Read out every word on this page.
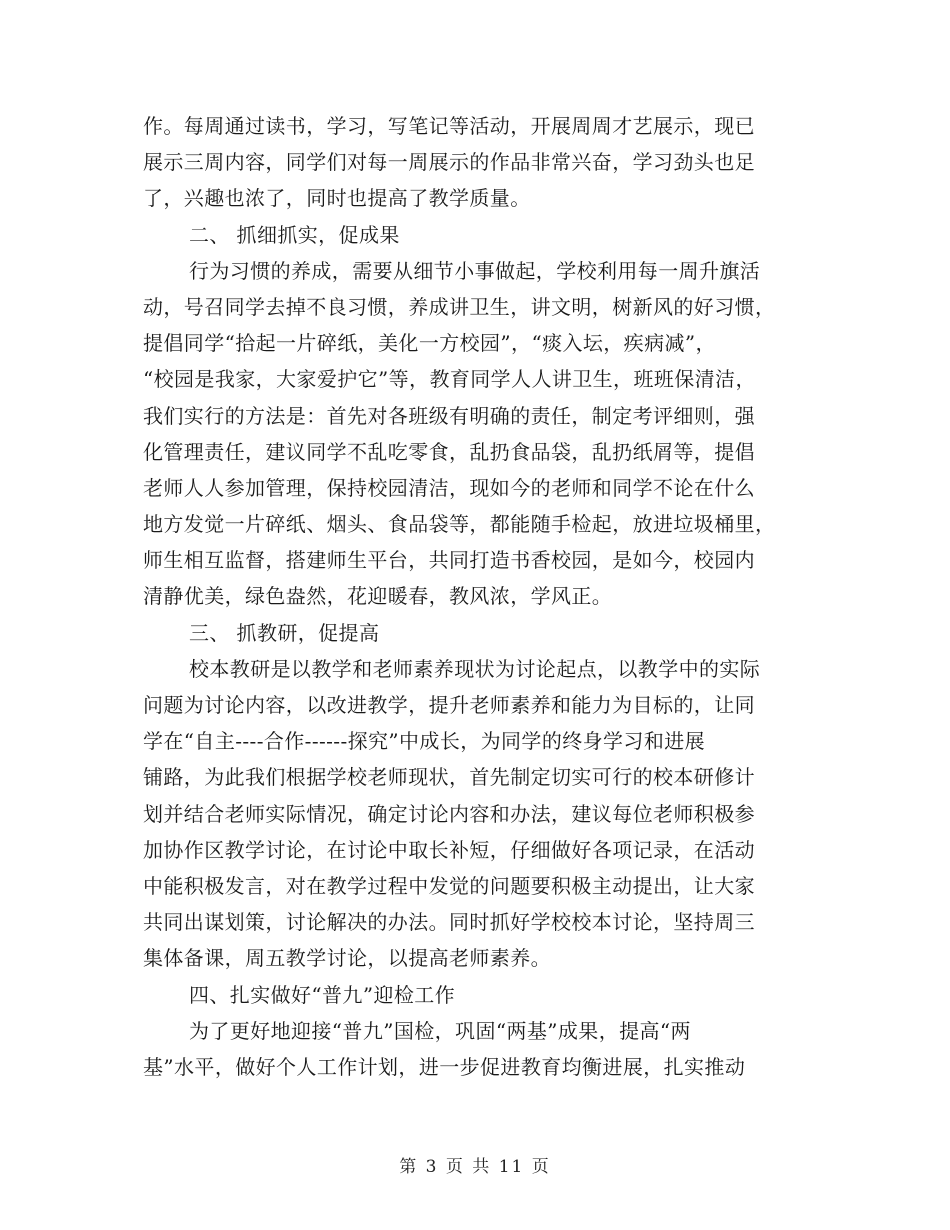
作。每周通过读书，学习，写笔记等活动，开展周周才艺展示，现已
展示三周内容，同学们对每一周展示的作品非常兴奋，学习劲头也足
了，兴趣也浓了，同时也提高了教学质量。
二、 抓细抓实，促成果
行为习惯的养成，需要从细节小事做起，学校利用每一周升旗活
动，号召同学去掉不良习惯，养成讲卫生，讲文明，树新风的好习惯，
提倡同学“拾起一片碎纸，美化一方校园”，“痰入坛，疾病减”，
“校园是我家，大家爱护它”等，教育同学人人讲卫生，班班保清洁，
我们实行的方法是：首先对各班级有明确的责任，制定考评细则，强
化管理责任，建议同学不乱吃零食，乱扔食品袋，乱扔纸屑等，提倡
老师人人参加管理，保持校园清洁，现如今的老师和同学不论在什么
地方发觉一片碎纸、烟头、食品袋等，都能随手检起，放进垃圾桶里，
师生相互监督，搭建师生平台，共同打造书香校园，是如今，校园内
清静优美，绿色盎然，花迎暖春，教风浓，学风正。
三、 抓教研，促提高
校本教研是以教学和老师素养现状为讨论起点，以教学中的实际
问题为讨论内容，以改进教学，提升老师素养和能力为目标的，让同
学在“自主----合作------探究”中成长，为同学的终身学习和进展
铺路，为此我们根据学校老师现状，首先制定切实可行的校本研修计
划并结合老师实际情况，确定讨论内容和办法，建议每位老师积极参
加协作区教学讨论，在讨论中取长补短，仔细做好各项记录，在活动
中能积极发言，对在教学过程中发觉的问题要积极主动提出，让大家
共同出谋划策，讨论解决的办法。同时抓好学校校本讨论，坚持周三
集体备课，周五教学讨论，以提高老师素养。
四、扎实做好“普九”迎检工作
为了更好地迎接“普九”国检，巩固“两基”成果，提高“两
基”水平，做好个人工作计划，进一步促进教育均衡进展，扎实推动
第 3 页 共 11 页
